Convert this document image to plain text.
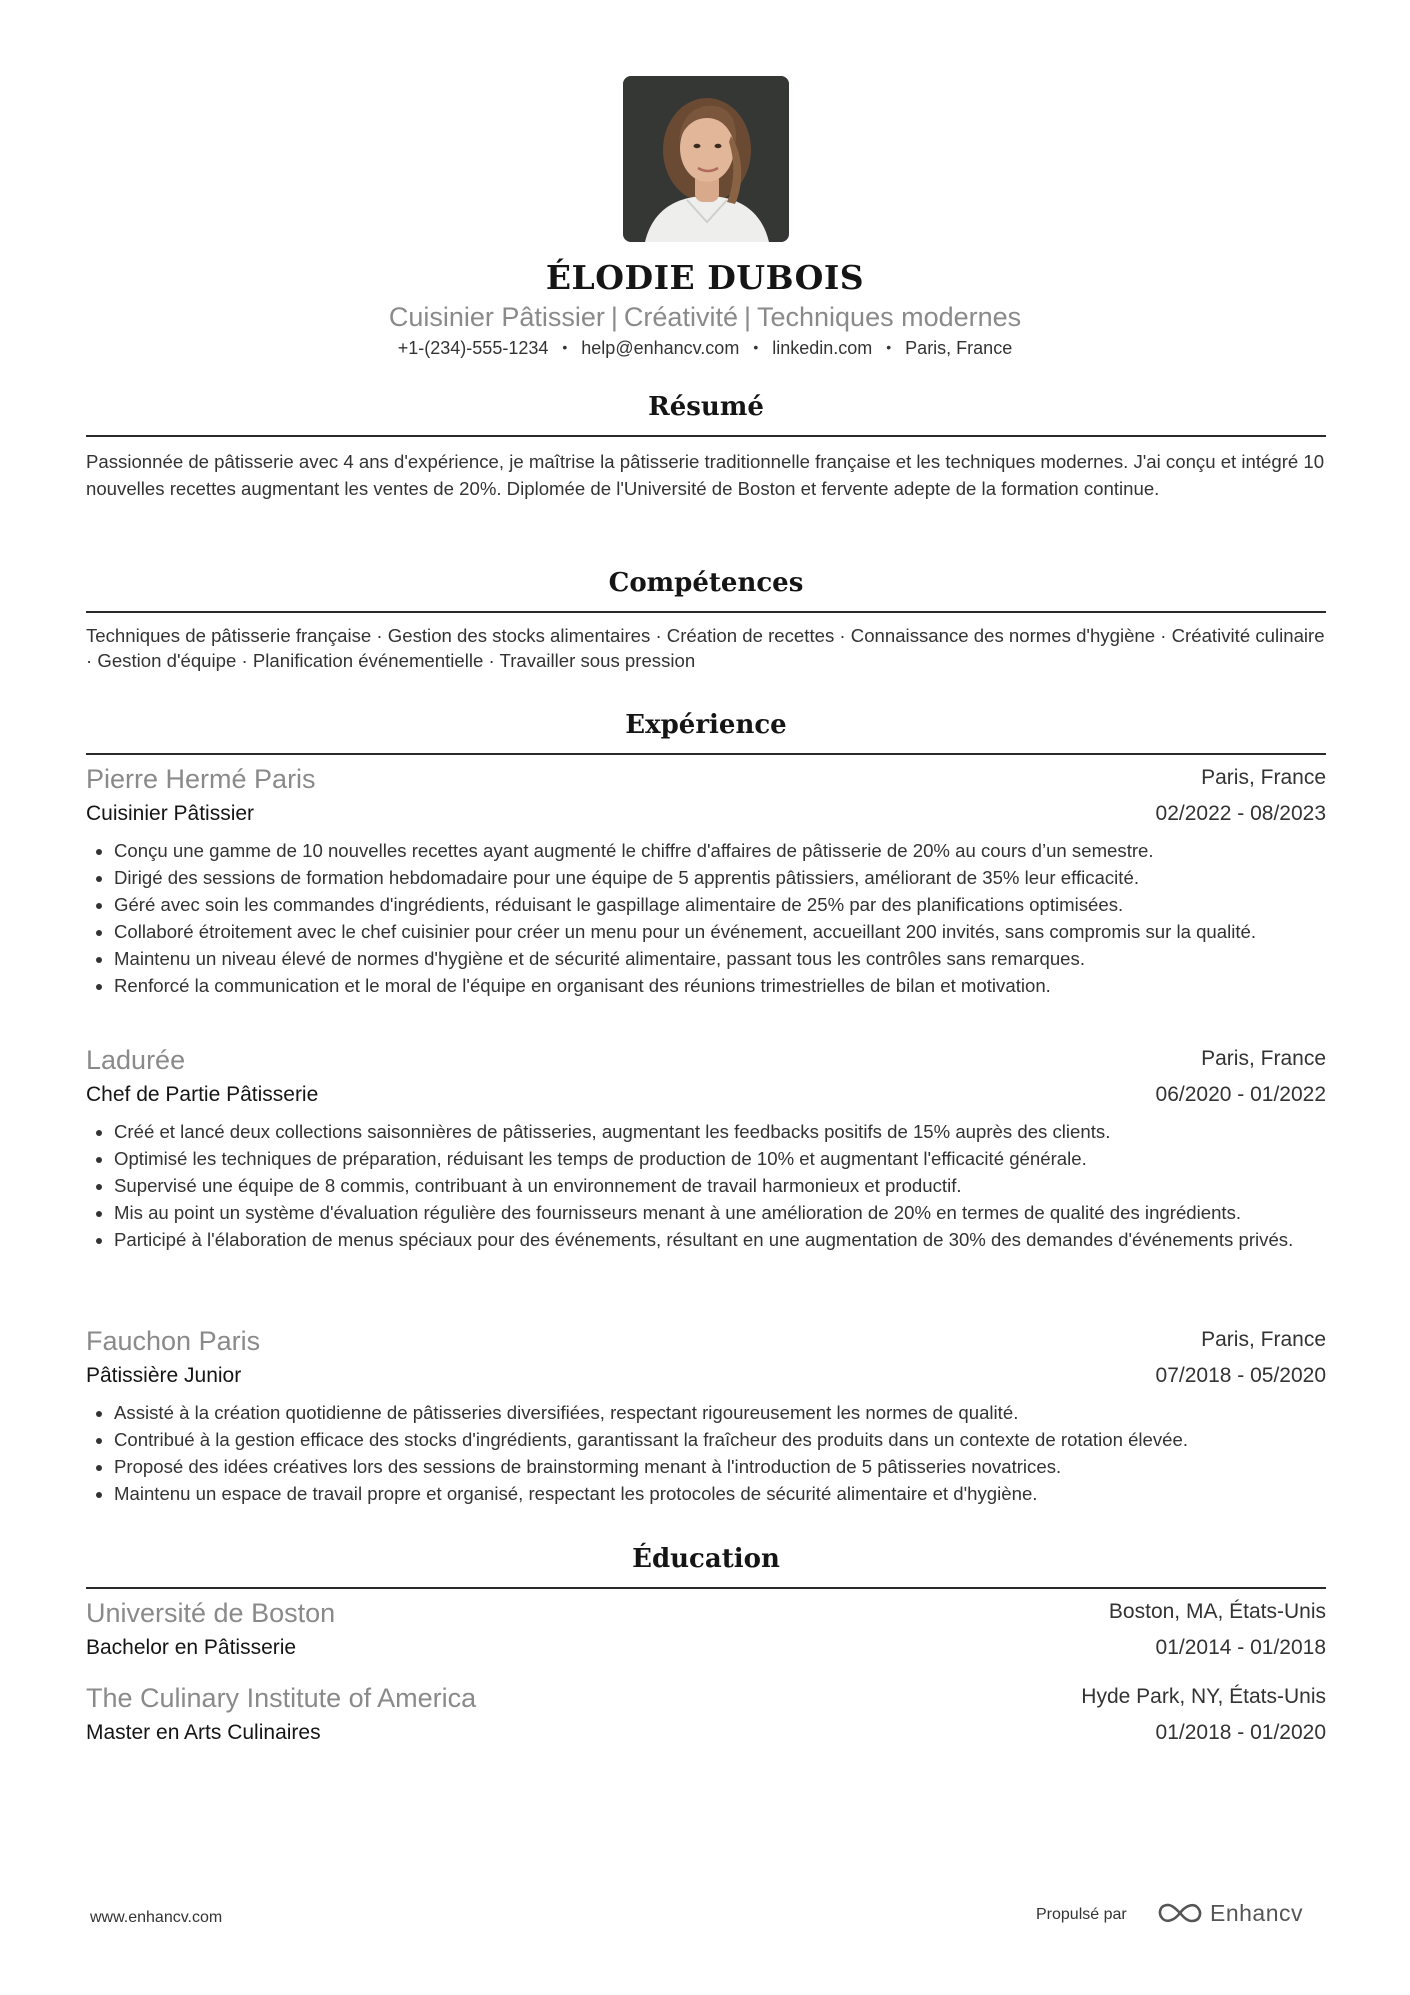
ÉLODIE DUBOIS
Cuisinier Pâtissier | Créativité | Techniques modernes
+1-(234)-555-1234 • help@enhancv.com • linkedin.com • Paris, France
Résumé
Passionnée de pâtisserie avec 4 ans d'expérience, je maîtrise la pâtisserie traditionnelle française et les techniques modernes. J'ai conçu et intégré 10 nouvelles recettes augmentant les ventes de 20%. Diplomée de l'Université de Boston et fervente adepte de la formation continue.
Compétences
Techniques de pâtisserie française · Gestion des stocks alimentaires · Création de recettes · Connaissance des normes d'hygiène · Créativité culinaire · Gestion d'équipe · Planification événementielle · Travailler sous pression
Expérience
Pierre Hermé Paris	Paris, France
Cuisinier Pâtissier	02/2022 - 08/2023
• Conçu une gamme de 10 nouvelles recettes ayant augmenté le chiffre d'affaires de pâtisserie de 20% au cours d’un semestre.
• Dirigé des sessions de formation hebdomadaire pour une équipe de 5 apprentis pâtissiers, améliorant de 35% leur efficacité.
• Géré avec soin les commandes d'ingrédients, réduisant le gaspillage alimentaire de 25% par des planifications optimisées.
• Collaboré étroitement avec le chef cuisinier pour créer un menu pour un événement, accueillant 200 invités, sans compromis sur la qualité.
• Maintenu un niveau élevé de normes d'hygiène et de sécurité alimentaire, passant tous les contrôles sans remarques.
• Renforcé la communication et le moral de l'équipe en organisant des réunions trimestrielles de bilan et motivation.
Ladurée	Paris, France
Chef de Partie Pâtisserie	06/2020 - 01/2022
• Créé et lancé deux collections saisonnières de pâtisseries, augmentant les feedbacks positifs de 15% auprès des clients.
• Optimisé les techniques de préparation, réduisant les temps de production de 10% et augmentant l'efficacité générale.
• Supervisé une équipe de 8 commis, contribuant à un environnement de travail harmonieux et productif.
• Mis au point un système d'évaluation régulière des fournisseurs menant à une amélioration de 20% en termes de qualité des ingrédients.
• Participé à l'élaboration de menus spéciaux pour des événements, résultant en une augmentation de 30% des demandes d'événements privés.
Fauchon Paris	Paris, France
Pâtissière Junior	07/2018 - 05/2020
• Assisté à la création quotidienne de pâtisseries diversifiées, respectant rigoureusement les normes de qualité.
• Contribué à la gestion efficace des stocks d'ingrédients, garantissant la fraîcheur des produits dans un contexte de rotation élevée.
• Proposé des idées créatives lors des sessions de brainstorming menant à l'introduction de 5 pâtisseries novatrices.
• Maintenu un espace de travail propre et organisé, respectant les protocoles de sécurité alimentaire et d'hygiène.
Éducation
Université de Boston	Boston, MA, États-Unis
Bachelor en Pâtisserie	01/2014 - 01/2018
The Culinary Institute of America	Hyde Park, NY, États-Unis
Master en Arts Culinaires	01/2018 - 01/2020
www.enhancv.com	Propulsé par	Enhancv
